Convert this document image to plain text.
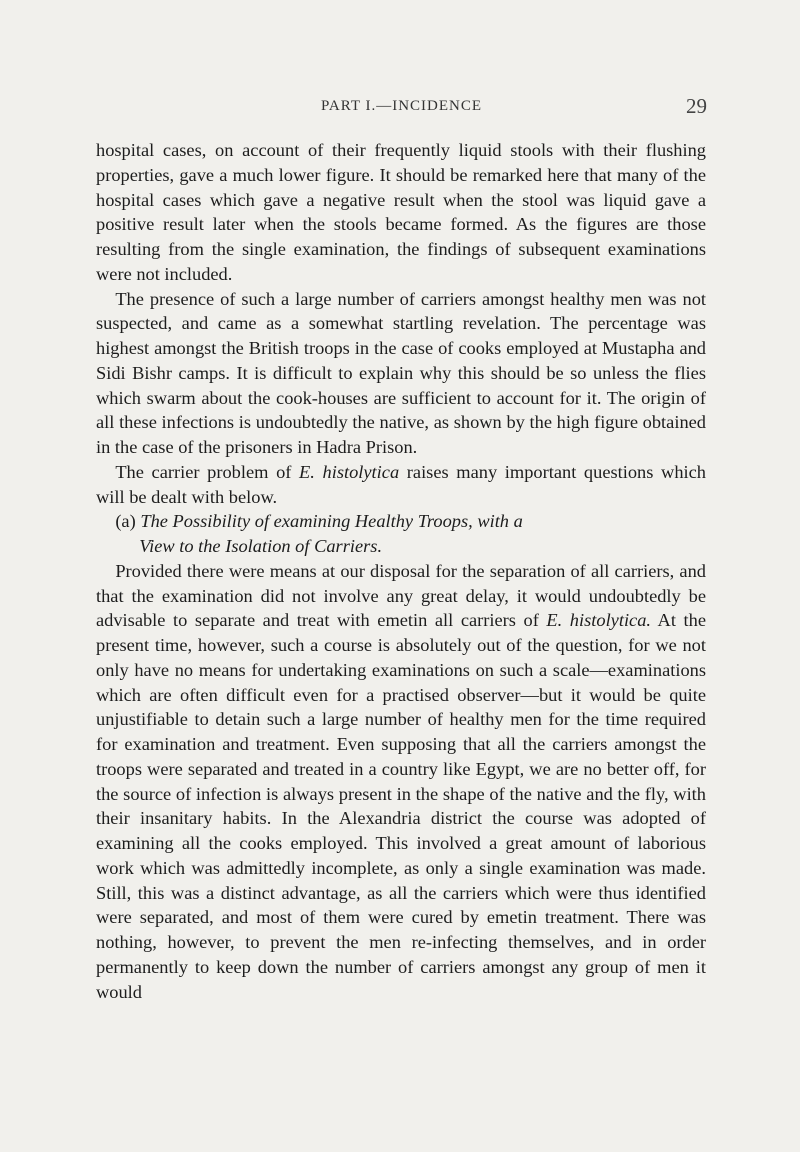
PART I.—INCIDENCE	29

hospital cases, on account of their frequently liquid stools with their flushing properties, gave a much lower figure. It should be remarked here that many of the hospital cases which gave a negative result when the stool was liquid gave a positive result later when the stools became formed. As the figures are those resulting from the single examination, the findings of subsequent examinations were not included.

The presence of such a large number of carriers amongst healthy men was not suspected, and came as a somewhat startling revelation. The percentage was highest amongst the British troops in the case of cooks employed at Mustapha and Sidi Bishr camps. It is difficult to explain why this should be so unless the flies which swarm about the cook-houses are sufficient to account for it. The origin of all these infections is undoubtedly the native, as shown by the high figure obtained in the case of the prisoners in Hadra Prison.

The carrier problem of E. histolytica raises many important questions which will be dealt with below.

(a) The Possibility of examining Healthy Troops, with a
View to the Isolation of Carriers.

Provided there were means at our disposal for the separation of all carriers, and that the examination did not involve any great delay, it would undoubtedly be advisable to separate and treat with emetin all carriers of E. histolytica. At the present time, however, such a course is absolutely out of the question, for we not only have no means for undertaking examinations on such a scale—examinations which are often difficult even for a practised observer—but it would be quite unjustifiable to detain such a large number of healthy men for the time required for examination and treatment. Even supposing that all the carriers amongst the troops were separated and treated in a country like Egypt, we are no better off, for the source of infection is always present in the shape of the native and the fly, with their insanitary habits. In the Alexandria district the course was adopted of examining all the cooks employed. This involved a great amount of laborious work which was admittedly incomplete, as only a single examination was made. Still, this was a distinct advantage, as all the carriers which were thus identified were separated, and most of them were cured by emetin treatment. There was nothing, however, to prevent the men re-infecting themselves, and in order permanently to keep down the number of carriers amongst any group of men it would
